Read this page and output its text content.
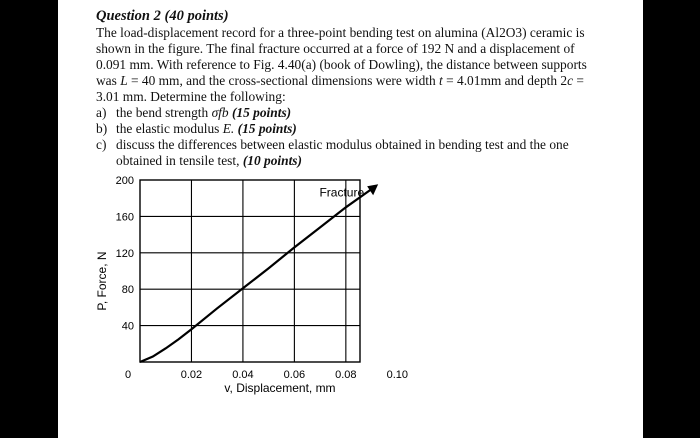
Question 2 (40 points)
The load-displacement record for a three-point bending test on alumina (Al2O3) ceramic is
shown in the figure. The final fracture occurred at a force of 192 N and a displacement of
0.091 mm. With reference to Fig. 4.40(a) (book of Dowling), the distance between supports
was L = 40 mm, and the cross-sectional dimensions were width t = 4.01mm and depth 2c =
3.01 mm. Determine the following:
a) the bend strength σfb (15 points)
b) the elastic modulus E. (15 points)
c) discuss the differences between elastic modulus obtained in bending test and the one
obtained in tensile test, (10 points)
0.02	0.04	0.06	0.08	0.10
40
80
120
160
200
0
v, Displacement, mm
P, Force, N
Fracture
